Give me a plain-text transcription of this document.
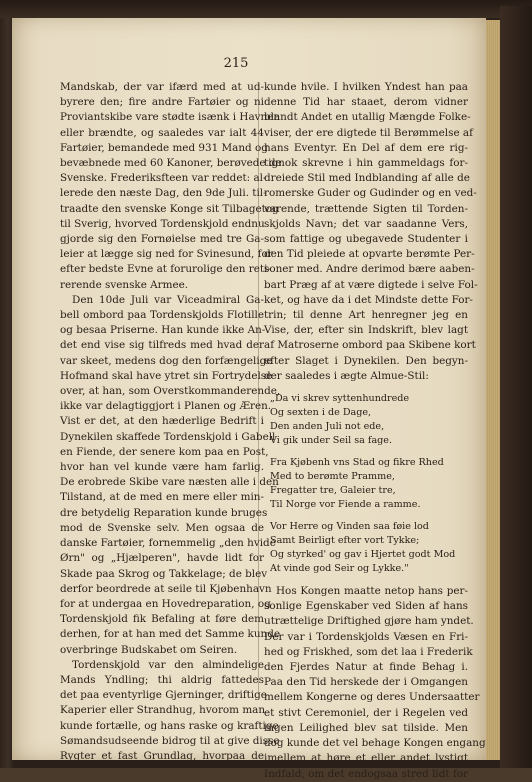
215
Mandskab, der var ifærd med at ud-
byrere den; fire andre Fartøier og ni
Proviantskibe vare stødte isænk i Havnen
eller brændte, og saaledes var ialt 44
Fartøier, bemandede med 931 Mand og
bevæbnede med 60 Kanoner, berøvede de
Svenske. Frederiksfteen var reddet: al-
lerede den næste Dag, den 9de Juli. til-
traadte den svenske Konge sit Tilbagetog
til Sverig, hvorved Tordenskjold endnu
gjorde sig den Fornøielse med tre Ga-
leier at lægge sig ned for Svinesund, for
efter bedste Evne at forurolige den reti-
rerende svenske Armee.
Den 10de Juli var Viceadmiral Ga-
bell ombord paa Tordenskjolds Flotille
og besaa Priserne. Han kunde ikke An-
det end vise sig tilfreds med hvad der
var skeet, medens dog den forfængelige
Hofmand skal have ytret sin Fortrydelse
over, at han, som Overstkommanderende,
ikke var delagtiggjort i Planen og Æren.
Vist er det, at den hæderlige Bedrift i
Dynekilen skaffede Tordenskjold i Gabell
en Fiende, der senere kom paa en Post,
hvor han vel kunde være ham farlig.
De erobrede Skibe vare næsten alle i den
Tilstand, at de med en mere eller min-
dre betydelig Reparation kunde bruges
mod de Svenske selv. Men ogsaa de
danske Fartøier, fornemmelig „den hvide
Ørn" og „Hjælperen", havde lidt for
Skade paa Skrog og Takkelage; de blev
derfor beordrede at seile til Kjøbenhavn
for at undergaa en Hovedreparation, og
Tordenskjold fik Befaling at føre dem
derhen, for at han med det Samme kunde
overbringe Budskabet om Seiren.
Tordenskjold var den almindelige
Mands Yndling; thi aldrig fattedes
det paa eventyrlige Gjerninger, driftige
Kaperier eller Strandhug, hvorom man
kunde fortælle, og hans raske og kraftige
Sømandsudseende bidrog til at give disse
Rygter et fast Grundlag, hvorpaa de
kunde hvile. I hvilken Yndest han paa
denne Tid har staaet, derom vidner
blandt Andet en utallig Mængde Folke-
viser, der ere digtede til Berømmelse af
hans Eventyr. En Del af dem ere rig-
tignok skrevne i hin gammeldags for-
dreiede Stil med Indblanding af alle de
romerske Guder og Gudinder og en ved-
varende, trættende Sigten til Torden-
skjolds Navn; det var saadanne Vers,
som fattige og ubegavede Studenter i
den Tid pleiede at opvarte berømte Per-
soner med. Andre derimod bære aaben-
bart Præg af at være digtede i selve Fol-
ket, og have da i det Mindste dette For-
trin; til denne Art henregner jeg en
Vise, der, efter sin Indskrift, blev lagt
af Matroserne ombord paa Skibene kort
efter Slaget i Dynekilen. Den begyn-
der saaledes i ægte Almue-Stil:
„Da vi skrev syttenhundrede
Og sexten i de Dage,
Den anden Juli not ede,
Vi gik under Seil sa fage.
Fra Kjøbenh vns Stad og fikre Rhed
Med to berømte Pramme,
Fregatter tre, Galeier tre,
Til Norge vor Fiende a ramme.
Vor Herre og Vinden saa føie lod
Samt Beirligt efter vort Tykke;
Og styrked' og gav i Hjertet godt Mod
At vinde god Seir og Lykke."
Hos Kongen maatte netop hans per-
sonlige Egenskaber ved Siden af hans
utrættelige Driftighed gjøre ham yndet.
Der var i Tordenskjolds Væsen en Fri-
hed og Friskhed, som det laa i Frederik
den Fjerdes Natur at finde Behag i.
Paa den Tid herskede der i Omgangen
mellem Kongerne og deres Undersaatter
et stivt Ceremoniel, der i Regelen ved
ingen Leilighed blev sat tilside. Men
dog kunde det vel behage Kongen engang
imellem at høre et eller andet lystigt
Indfald, om det endogsaa stred lidt for
